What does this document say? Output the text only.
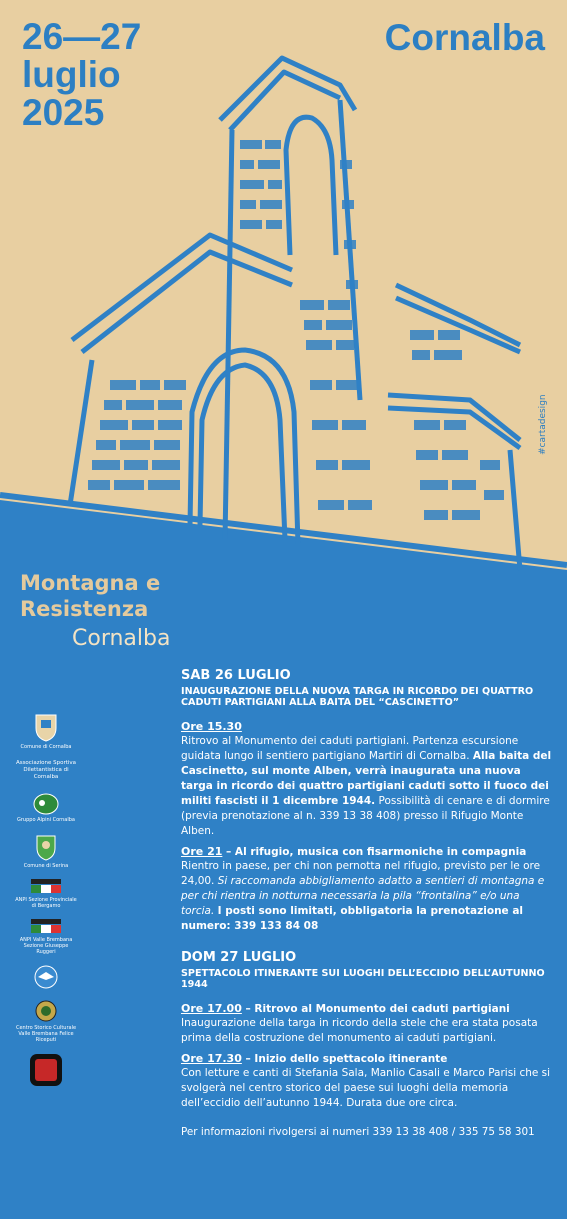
26—27
luglio
2025
Cornalba
#cartadesign
Montagna e
Resistenza
Cornalba
Comune di Cornalba
Associazione Sportiva Dilettantistica di Cornalba
Gruppo Alpini Cornalba
Comune di Serina
ANPI Sezione Provinciale di Bergamo
ANPI Valle Brembana Sezione Giuseppe Ruggeri
Centro Storico Culturale Valle Brembana Felice Riceputi

SAB 26 LUGLIO

INAUGURAZIONE DELLA NUOVA TARGA IN RICORDO DEI QUATTRO CADUTI PARTIGIANI ALLA BAITA DEL “CASCINETTO”

Ore 15.30

Ritrovo al Monumento dei caduti partigiani. Partenza escursione guidata lungo il sentiero partigiano Martiri di Cornalba. Alla baita del Cascinetto, sul monte Alben, verrà inaugurata una nuova targa in ricordo dei quattro partigiani caduti sotto il fuoco dei militi fascisti il 1 dicembre 1944. Possibilità di cenare e di dormire (previa prenotazione al n. 339 13 38 408) presso il Rifugio Monte Alben.

Ore 21 – Al rifugio, musica con fisarmoniche in compagnia

Rientro in paese, per chi non pernotta nel rifugio, previsto per le ore 24,00. Si raccomanda abbigliamento adatto a sentieri di montagna e per chi rientra in notturna necessaria la pila “frontalina” e/o una torcia. I posti sono limitati, obbligatoria la prenotazione al numero: 339 133 84 08

DOM 27 LUGLIO

SPETTACOLO ITINERANTE SUI LUOGHI DELL’ECCIDIO DELL’AUTUNNO 1944

Ore 17.00 – Ritrovo al Monumento dei caduti partigiani

Inaugurazione della targa in ricordo della stele che era stata posata prima della costruzione del monumento ai caduti partigiani.

Ore 17.30 – Inizio dello spettacolo itinerante

Con letture e canti di Stefania Sala, Manlio Casali e Marco Parisi che si svolgerà nel centro storico del paese sui luoghi della memoria dell’eccidio dell’autunno 1944. Durata due ore circa.

Per informazioni rivolgersi ai numeri 339 13 38 408 / 335 75 58 301
